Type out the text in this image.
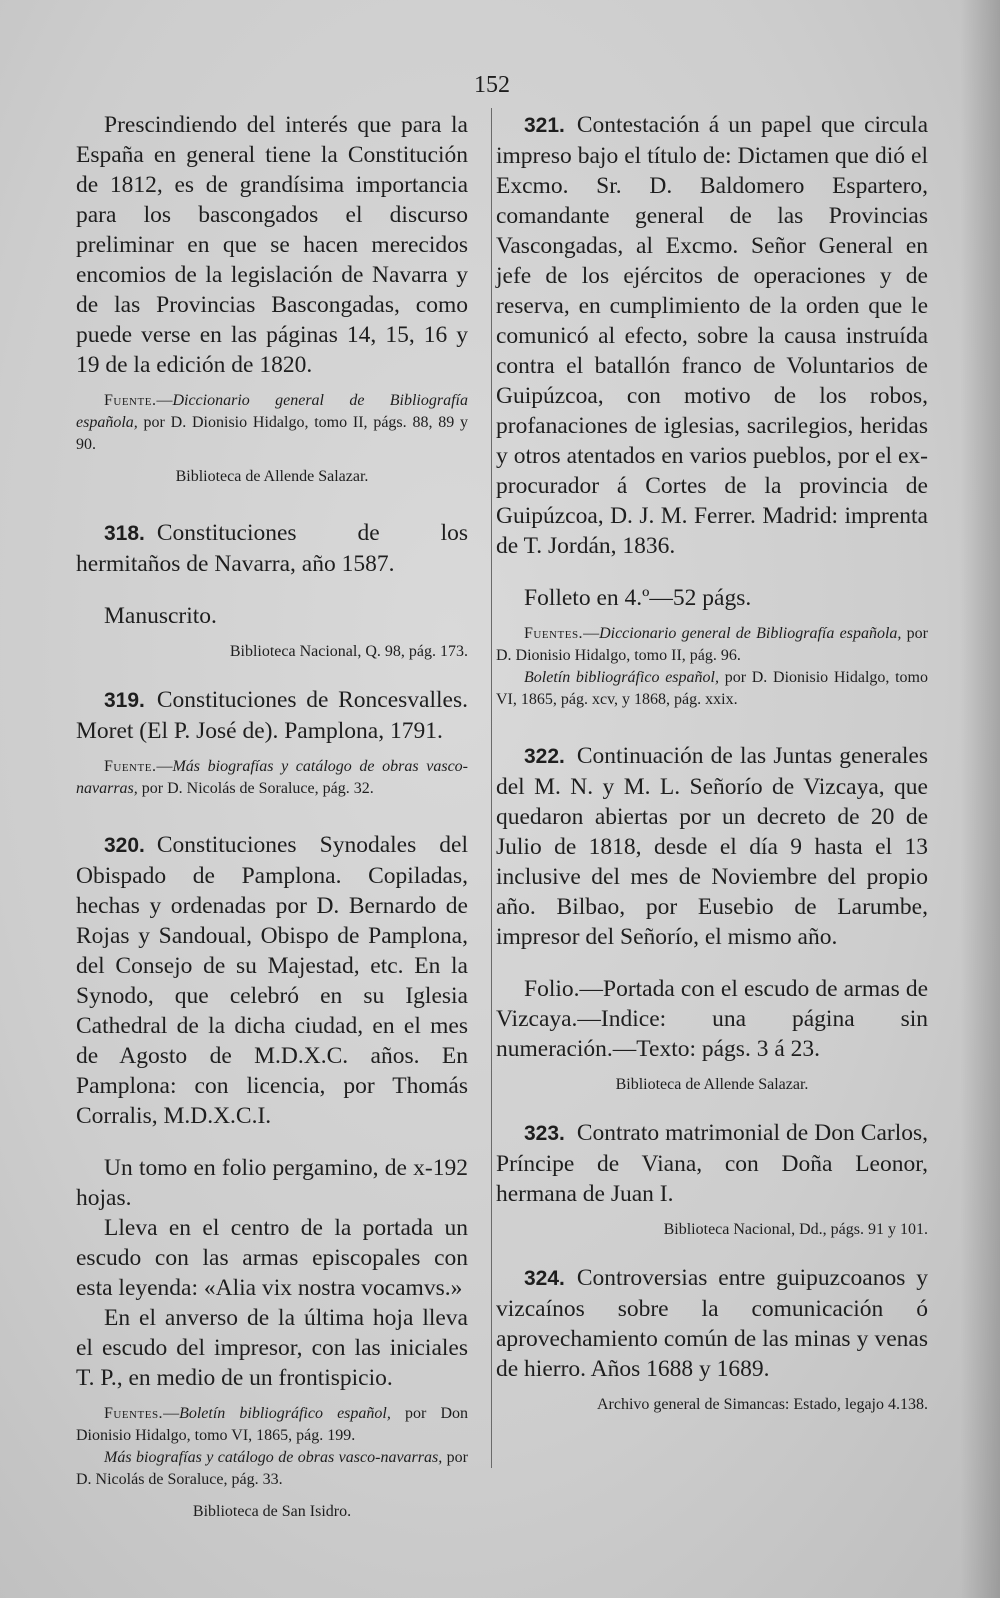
152

Prescindiendo del interés que para la España en general tiene la Constitución de 1812, es de grandísima importancia para los bascongados el discurso preliminar en que se hacen merecidos encomios de la legislación de Navarra y de las Provincias Bascongadas, como puede verse en las páginas 14, 15, 16 y 19 de la edición de 1820.

Fuente.—Diccionario general de Bibliografía española, por D. Dionisio Hidalgo, tomo II, págs. 88, 89 y 90.

Biblioteca de Allende Salazar.

318. Constituciones de los hermitaños de Navarra, año 1587.

Manuscrito.

Biblioteca Nacional, Q. 98, pág. 173.

319. Constituciones de Roncesvalles. Moret (El P. José de). Pamplona, 1791.

Fuente.—Más biografías y catálogo de obras vasco-navarras, por D. Nicolás de Soraluce, pág. 32.

320. Constituciones Synodales del Obispado de Pamplona. Copiladas, hechas y ordenadas por D. Bernardo de Rojas y Sandoual, Obispo de Pamplona, del Consejo de su Majestad, etc. En la Synodo, que celebró en su Iglesia Cathedral de la dicha ciudad, en el mes de Agosto de M.D.X.C. años. En Pamplona: con licencia, por Thomás Corralis, M.D.X.C.I.

Un tomo en folio pergamino, de x-192 hojas.

Lleva en el centro de la portada un escudo con las armas episcopales con esta leyenda: «Alia vix nostra vocamvs.»

En el anverso de la última hoja lleva el escudo del impresor, con las iniciales T. P., en medio de un frontispicio.

Fuentes.—Boletín bibliográfico español, por Don Dionisio Hidalgo, tomo VI, 1865, pág. 199.

Más biografías y catálogo de obras vasco-navarras, por D. Nicolás de Soraluce, pág. 33.

Biblioteca de San Isidro.

321. Contestación á un papel que circula impreso bajo el título de: Dictamen que dió el Excmo. Sr. D. Baldomero Espartero, comandante general de las Provincias Vascongadas, al Excmo. Señor General en jefe de los ejércitos de operaciones y de reserva, en cumplimiento de la orden que le comunicó al efecto, sobre la causa instruída contra el batallón franco de Voluntarios de Guipúzcoa, con motivo de los robos, profanaciones de iglesias, sacrilegios, heridas y otros atentados en varios pueblos, por el ex-procurador á Cortes de la provincia de Guipúzcoa, D. J. M. Ferrer. Madrid: imprenta de T. Jordán, 1836.

Folleto en 4.º—52 págs.

Fuentes.—Diccionario general de Bibliografía española, por D. Dionisio Hidalgo, tomo II, pág. 96.

Boletín bibliográfico español, por D. Dionisio Hidalgo, tomo VI, 1865, pág. xcv, y 1868, pág. xxix.

322. Continuación de las Juntas generales del M. N. y M. L. Señorío de Vizcaya, que quedaron abiertas por un decreto de 20 de Julio de 1818, desde el día 9 hasta el 13 inclusive del mes de Noviembre del propio año. Bilbao, por Eusebio de Larumbe, impresor del Señorío, el mismo año.

Folio.—Portada con el escudo de armas de Vizcaya.—Indice: una página sin numeración.—Texto: págs. 3 á 23.

Biblioteca de Allende Salazar.

323. Contrato matrimonial de Don Carlos, Príncipe de Viana, con Doña Leonor, hermana de Juan I.

Biblioteca Nacional, Dd., págs. 91 y 101.

324. Controversias entre guipuzcoanos y vizcaínos sobre la comunicación ó aprovechamiento común de las minas y venas de hierro. Años 1688 y 1689.

Archivo general de Simancas: Estado, legajo 4.138.
